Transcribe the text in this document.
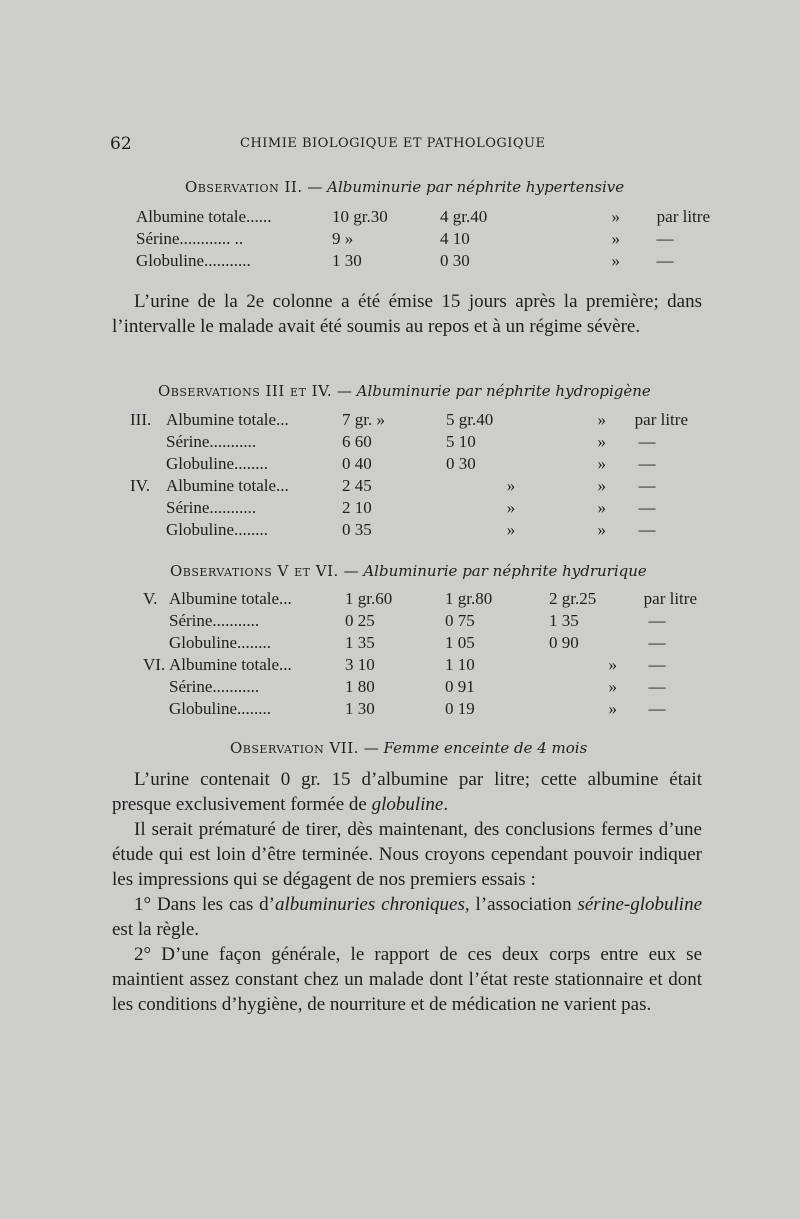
62	CHIMIE BIOLOGIQUE ET PATHOLOGIQUE
Observation II. — Albuminurie par néphrite hypertensive
Albumine totale......	10 gr.30	4 gr.40	»	par litre
Sérine............ ..	9 »	4 10	»	—
Globuline...........	1 30	0 30	»	—

L’urine de la 2e colonne a été émise 15 jours après la première; dans l’intervalle le malade avait été soumis au repos et à un régime sévère.

Observations III et IV. — Albuminurie par néphrite hydropigène
III.	Albumine totale...	7 gr. »	5 gr.40	»	par litre
	Sérine...........	6 60	5 10	»	—
	Globuline........	0 40	0 30	»	—
IV.	Albumine totale...	2 45	»	»	—
	Sérine...........	2 10	»	»	—
	Globuline........	0 35	»	»	—
Observations V et VI. — Albuminurie par néphrite hydrurique
V.	Albumine totale...	1 gr.60	1 gr.80	2 gr.25	par litre
	Sérine...........	0 25	0 75	1 35	—
	Globuline........	1 35	1 05	0 90	—
VI.	Albumine totale...	3 10	1 10	»	—
	Sérine...........	1 80	0 91	»	—
	Globuline........	1 30	0 19	»	—
Observation VII. — Femme enceinte de 4 mois

L’urine contenait 0 gr. 15 d’albumine par litre; cette albumine était presque exclusivement formée de globuline.

Il serait prématuré de tirer, dès maintenant, des conclusions fermes d’une étude qui est loin d’être terminée. Nous croyons cependant pouvoir indiquer les impressions qui se dégagent de nos premiers essais :

1° Dans les cas d’albuminuries chroniques, l’association sérine-globuline est la règle.

2° D’une façon générale, le rapport de ces deux corps entre eux se maintient assez constant chez un malade dont l’état reste stationnaire et dont les conditions d’hygiène, de nourriture et de médication ne varient pas.
